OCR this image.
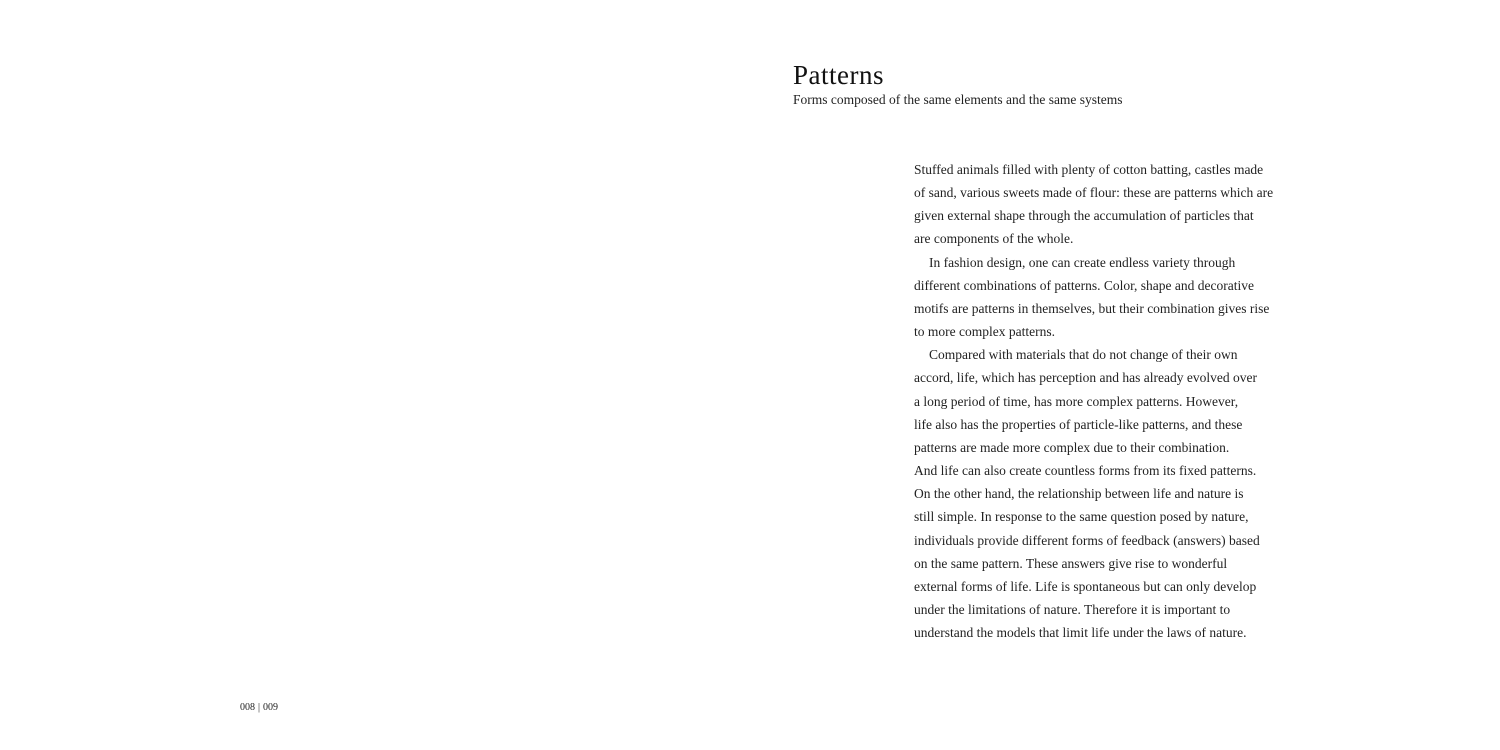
Patterns

Forms composed of the same elements and the same systems

Stuffed animals filled with plenty of cotton batting, castles made
of sand, various sweets made of flour: these are patterns which are
given external shape through the accumulation of particles that
are components of the whole.

In fashion design, one can create endless variety through
different combinations of patterns. Color, shape and decorative
motifs are patterns in themselves, but their combination gives rise
to more complex patterns.

Compared with materials that do not change of their own
accord, life, which has perception and has already evolved over
a long period of time, has more complex patterns. However,
life also has the properties of particle-like patterns, and these
patterns are made more complex due to their combination.
And life can also create countless forms from its fixed patterns.
On the other hand, the relationship between life and nature is
still simple. In response to the same question posed by nature,
individuals provide different forms of feedback (answers) based
on the same pattern. These answers give rise to wonderful
external forms of life. Life is spontaneous but can only develop
under the limitations of nature. Therefore it is important to
understand the models that limit life under the laws of nature.

008 | 009
